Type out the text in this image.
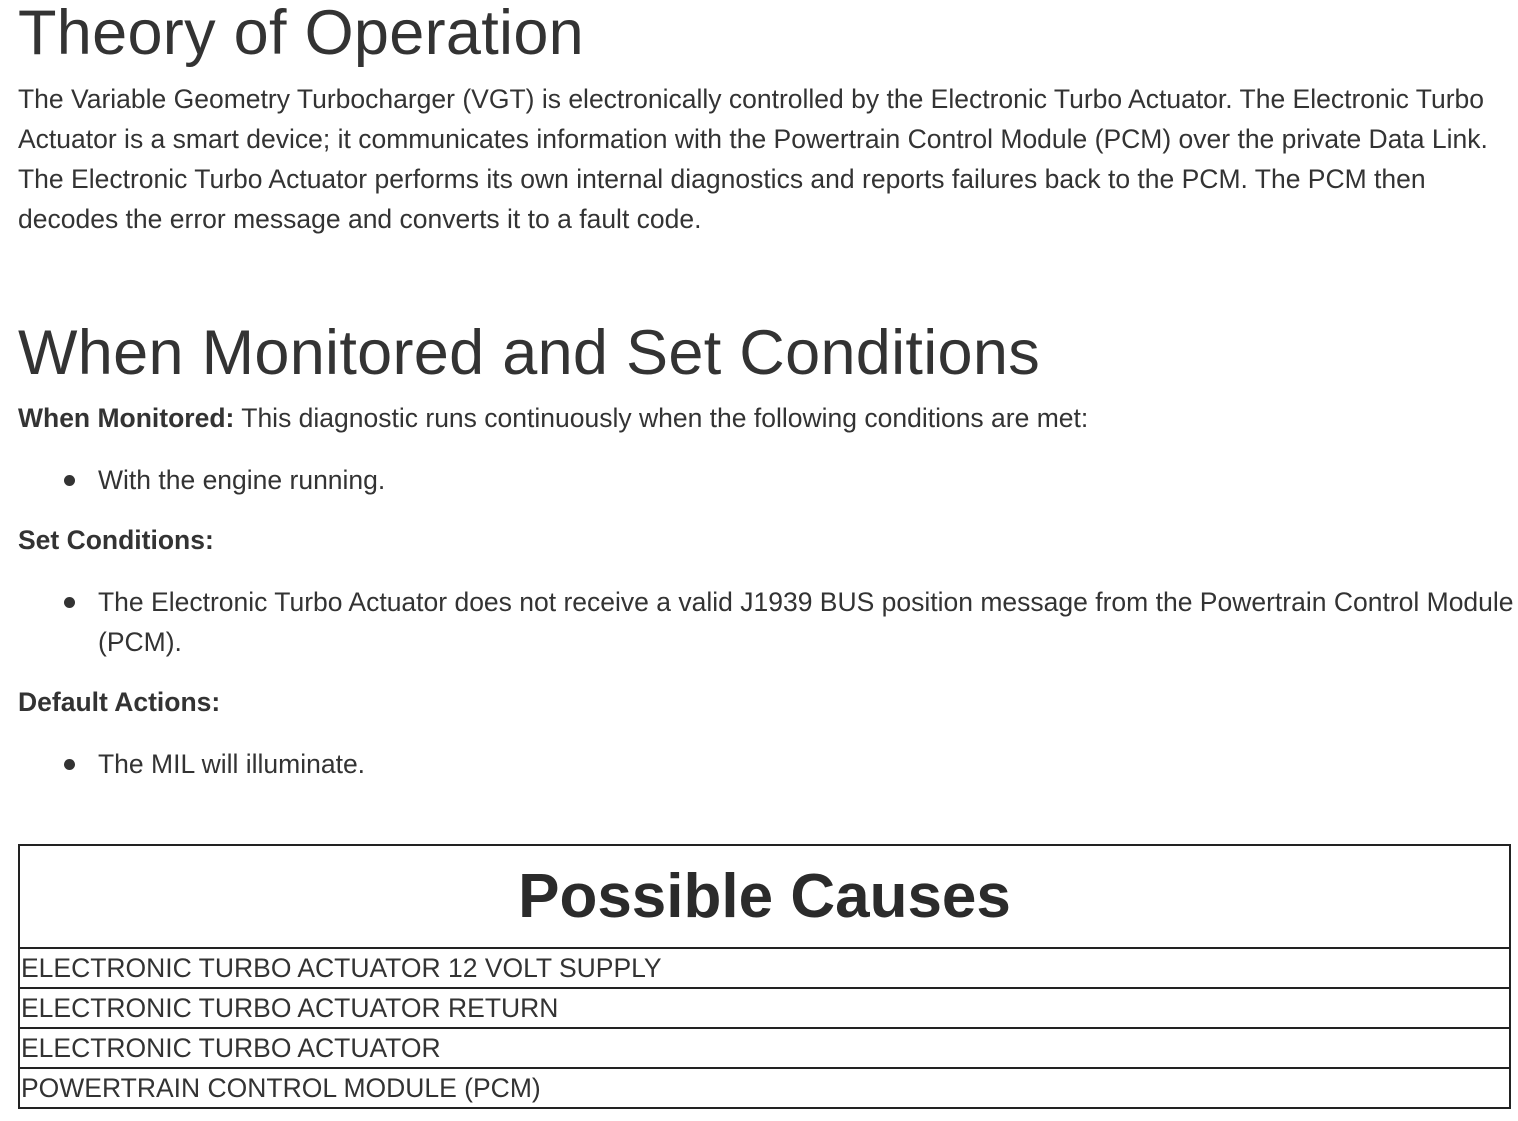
Theory of Operation

The Variable Geometry Turbocharger (VGT) is electronically controlled by the Electronic Turbo Actuator. The Electronic Turbo Actuator is a smart device; it communicates information with the Powertrain Control Module (PCM) over the private Data Link. The Electronic Turbo Actuator performs its own internal diagnostics and reports failures back to the PCM. The PCM then decodes the error message and converts it to a fault code.

When Monitored and Set Conditions

When Monitored: This diagnostic runs continuously when the following conditions are met:

With the engine running.

Set Conditions:

The Electronic Turbo Actuator does not receive a valid J1939 BUS position message from the Powertrain Control Module (PCM).

Default Actions:

The MIL will illuminate.
Possible Causes
ELECTRONIC TURBO ACTUATOR 12 VOLT SUPPLY
ELECTRONIC TURBO ACTUATOR RETURN
ELECTRONIC TURBO ACTUATOR
POWERTRAIN CONTROL MODULE (PCM)
